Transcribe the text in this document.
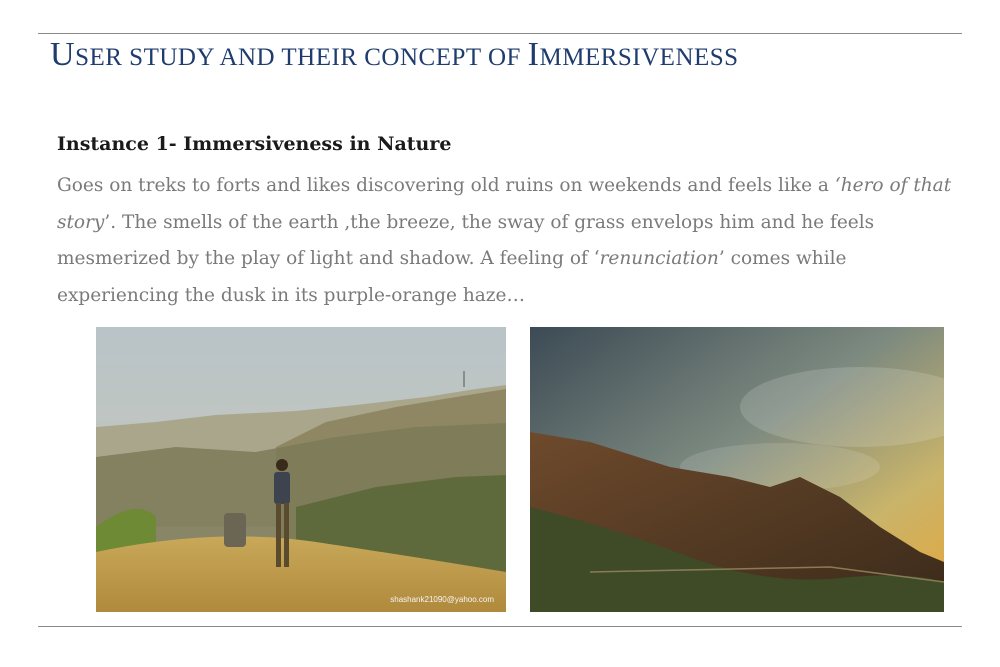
USER STUDY AND THEIR CONCEPT OF IMMERSIVENESS
Instance 1- Immersiveness in Nature

Goes on treks to forts and likes discovering old ruins on weekends and feels like a ‘hero of that story’. The smells of the earth ,the breeze, the sway of grass envelops him and he feels mesmerized by the play of light and shadow. A feeling of ‘renunciation’ comes while experiencing the dusk in its purple-orange haze…

shashank21090@yahoo.com
